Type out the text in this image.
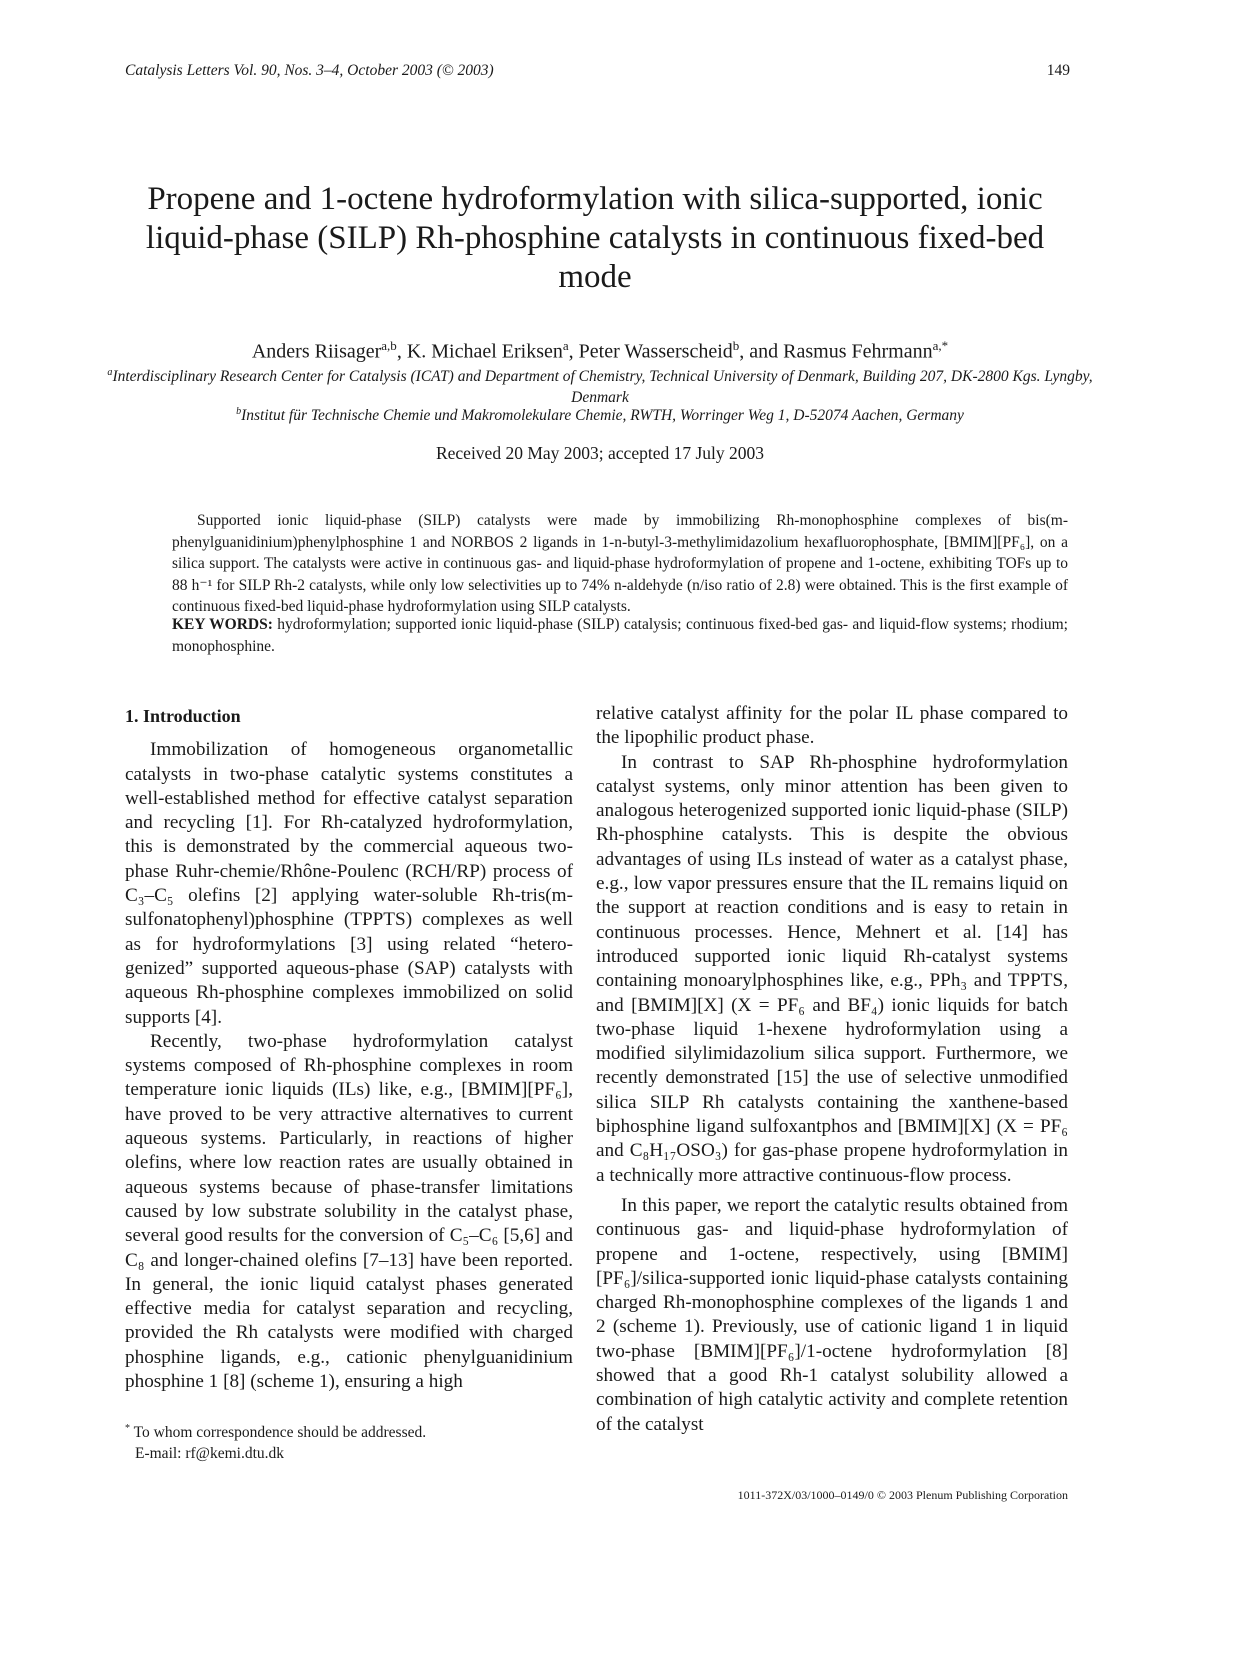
Catalysis Letters Vol. 90, Nos. 3–4, October 2003 (© 2003)	149
Propene and 1-octene hydroformylation with silica-supported, ionic liquid-phase (SILP) Rh-phosphine catalysts in continuous fixed-bed mode
Anders Riisager$^{a,b}$, K. Michael Eriksen$^a$, Peter Wasserscheid$^b$, and Rasmus Fehrmann$^{a,*}$
$^a$Interdisciplinary Research Center for Catalysis (ICAT) and Department of Chemistry, Technical University of Denmark, Building 207, DK-2800 Kgs. Lyngby, Denmark
$^b$Institut für Technische Chemie und Makromolekulare Chemie, RWTH, Worringer Weg 1, D-52074 Aachen, Germany
Received 20 May 2003; accepted 17 July 2003

Supported ionic liquid-phase (SILP) catalysts were made by immobilizing Rh-monophosphine complexes of bis(m-phenylguanidinium)phenylphosphine 1 and NORBOS 2 ligands in 1-n-butyl-3-methylimidazolium hexafluorophosphate, [BMIM][PF₆], on a silica support. The catalysts were active in continuous gas- and liquid-phase hydroformylation of propene and 1-octene, exhibiting TOFs up to 88 h⁻¹ for SILP Rh-2 catalysts, while only low selectivities up to 74% n-aldehyde (n/iso ratio of 2.8) were obtained. This is the first example of continuous fixed-bed liquid-phase hydroformylation using SILP catalysts.

KEY WORDS: hydroformylation; supported ionic liquid-phase (SILP) catalysis; continuous fixed-bed gas- and liquid-flow systems; rhodium; monophosphine.

1. Introduction

Immobilization of homogeneous organometallic catalysts in two-phase catalytic systems constitutes a well-established method for effective catalyst separation and recycling [1]. For Rh-catalyzed hydroformylation, this is demonstrated by the commercial aqueous two-phase Ruhr-chemie/Rhône-Poulenc (RCH/RP) process of C₃–C₅ olefins [2] applying water-soluble Rh-tris(m-sulfonatophenyl)phosphine (TPPTS) complexes as well as for hydroformylations [3] using related “hetero-genized” supported aqueous-phase (SAP) catalysts with aqueous Rh-phosphine complexes immobilized on solid supports [4].

Recently, two-phase hydroformylation catalyst systems composed of Rh-phosphine complexes in room temperature ionic liquids (ILs) like, e.g., [BMIM][PF₆], have proved to be very attractive alternatives to current aqueous systems. Particularly, in reactions of higher olefins, where low reaction rates are usually obtained in aqueous systems because of phase-transfer limitations caused by low substrate solubility in the catalyst phase, several good results for the conversion of C₅–C₆ [5,6] and C₈ and longer-chained olefins [7–13] have been reported. In general, the ionic liquid catalyst phases generated effective media for catalyst separation and recycling, provided the Rh catalysts were modified with charged phosphine ligands, e.g., cationic phenylguanidinium phosphine 1 [8] (scheme 1), ensuring a high

relative catalyst affinity for the polar IL phase compared to the lipophilic product phase.

In contrast to SAP Rh-phosphine hydroformylation catalyst systems, only minor attention has been given to analogous heterogenized supported ionic liquid-phase (SILP) Rh-phosphine catalysts. This is despite the obvious advantages of using ILs instead of water as a catalyst phase, e.g., low vapor pressures ensure that the IL remains liquid on the support at reaction conditions and is easy to retain in continuous processes. Hence, Mehnert et al. [14] has introduced supported ionic liquid Rh-catalyst systems containing monoarylphosphines like, e.g., PPh₃ and TPPTS, and [BMIM][X] (X = PF₆ and BF₄) ionic liquids for batch two-phase liquid 1-hexene hydroformylation using a modified silylimidazolium silica support. Furthermore, we recently demonstrated [15] the use of selective unmodified silica SILP Rh catalysts containing the xanthene-based biphosphine ligand sulfoxantphos and [BMIM][X] (X = PF₆ and C₈H₁₇OSO₃) for gas-phase propene hydroformylation in a technically more attractive continuous-flow process.

In this paper, we report the catalytic results obtained from continuous gas- and liquid-phase hydroformylation of propene and 1-octene, respectively, using [BMIM][PF₆]/silica-supported ionic liquid-phase catalysts containing charged Rh-monophosphine complexes of the ligands 1 and 2 (scheme 1). Previously, use of cationic ligand 1 in liquid two-phase [BMIM][PF₆]/1-octene hydroformylation [8] showed that a good Rh-1 catalyst solubility allowed a combination of high catalytic activity and complete retention of the catalyst

* To whom correspondence should be addressed.
E-mail: rf@kemi.dtu.dk
1011-372X/03/1000–0149/0 © 2003 Plenum Publishing Corporation
